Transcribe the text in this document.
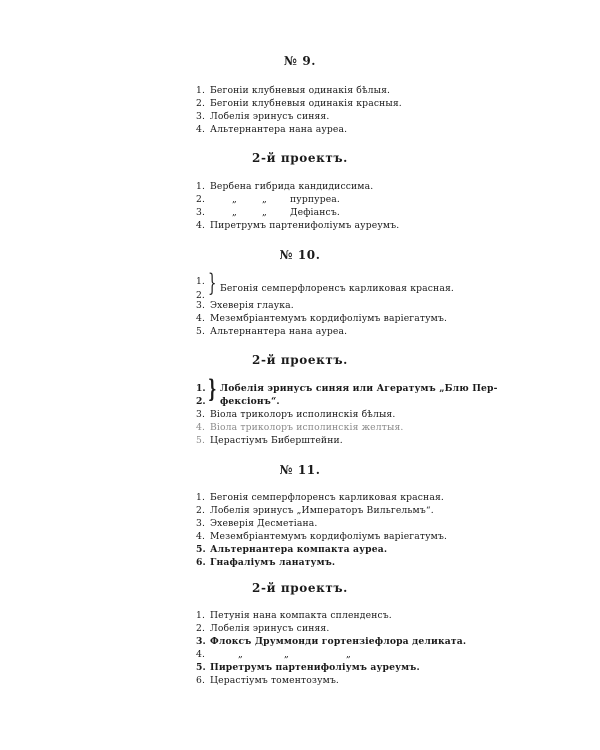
№ 9.
1. Бегоніи клубневыя одинакія бѣлыя.
2. Бегоніи клубневыя одинакія красныя.
3. Лобелія эринусъ синяя.
4. Альтернантера нана ауреа.
2-й проектъ.
1. Вербена гибрида кандидиссима.
2.	„	„	пурпуреа.
3.	„	„	Дефіансъ.
4. Пиретрумъ партенифоліумъ ауреумъ.
№ 10.
1.
2. } Бегонія семперфлоренсъ карликовая красная.
3. Эхеверія глаука.
4. Мезембріантемумъ кордифоліумъ варiегатумъ.
5. Альтернантера нана ауреа.
2-й проектъ.
1.
2. } Лобелія эринусъ синяя или Агератумъ „Блю Пер-
фексіонъ“.
3. Віола триколоръ исполинскія бѣлыя.
4. Віола триколоръ исполинскія желтыя.
5. Церастіумъ Биберштейни.
№ 11.
1. Бегонія семперфлоренсъ карликовая красная.
2. Лобелія эринусъ „Императоръ Вильгельмъ“.
3. Эхеверія Десметіана.
4. Мезембріантемумъ кордифоліумъ варiегатумъ.
5. Альтернантера компакта ауреа.
6. Гнафаліумъ ланатумъ.
2-й проектъ.
1. Петунія нана компакта спленденсъ.
2. Лобелія эринусъ синяя.
3. Флоксъ Друммонди гортензіефлора деликата.
4.	„	„	„
5. Пиретрумъ партенифоліумъ ауреумъ.
6. Церастіумъ томентозумъ.
